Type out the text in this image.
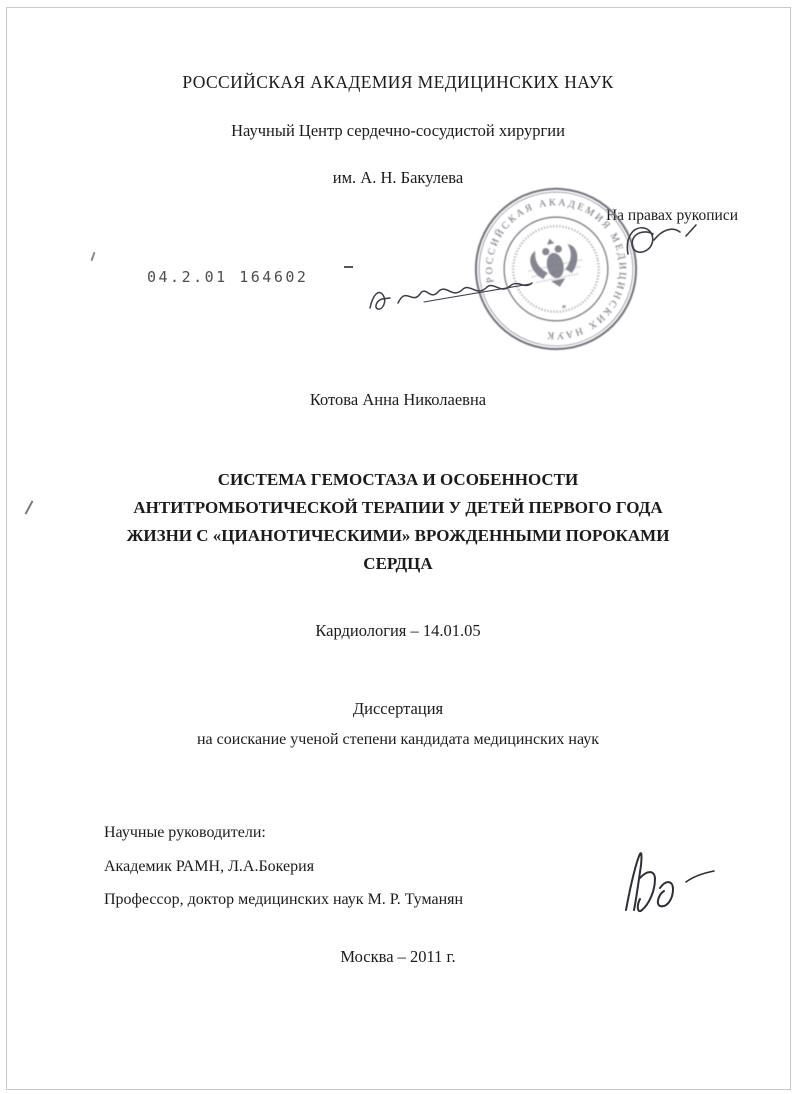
РОССИЙСКАЯ АКАДЕМИЯ МЕДИЦИНСКИХ НАУК
Научный Центр сердечно-сосудистой хирургии
им. А. Н. Бакулева
На правах рукописи
04.2.01 164602	РОССИЙСКАЯ АКАДЕМИЯ МЕДИЦИНСКИХ НАУК
*
Котова Анна Николаевна
СИСТЕМА ГЕМОСТАЗА И ОСОБЕННОСТИ
АНТИТРОМБОТИЧЕСКОЙ ТЕРАПИИ У ДЕТЕЙ ПЕРВОГО ГОДА
ЖИЗНИ С «ЦИАНОТИЧЕСКИМИ» ВРОЖДЕННЫМИ ПОРОКАМИ
СЕРДЦА
Кардиология – 14.01.05
Диссертация
на соискание ученой степени кандидата медицинских наук
Научные руководители:
Академик РАМН, Л.А.Бокерия
Профессор, доктор медицинских наук М. Р. Туманян
Москва – 2011 г.
